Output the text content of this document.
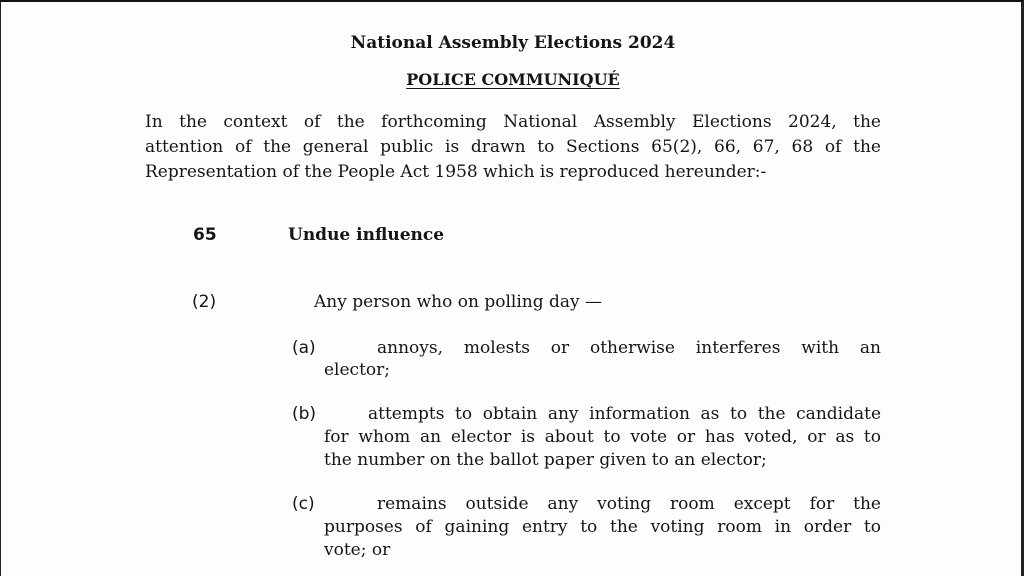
National Assembly Elections 2024
POLICE COMMUNIQUÉ
In the context of the forthcoming National Assembly Elections 2024, the
attention of the general public is drawn to Sections 65(2), 66, 67, 68 of the
Representation of the People Act 1958 which is reproduced hereunder:-
65	Undue influence
(2)	Any person who on polling day —
(a)	annoys, molests or otherwise interferes with an
elector;
(b)	attempts to obtain any information as to the candidate
for whom an elector is about to vote or has voted, or as to
the number on the ballot paper given to an elector;
(c)	remains outside any voting room except for the
purposes of gaining entry to the voting room in order to
vote; or
